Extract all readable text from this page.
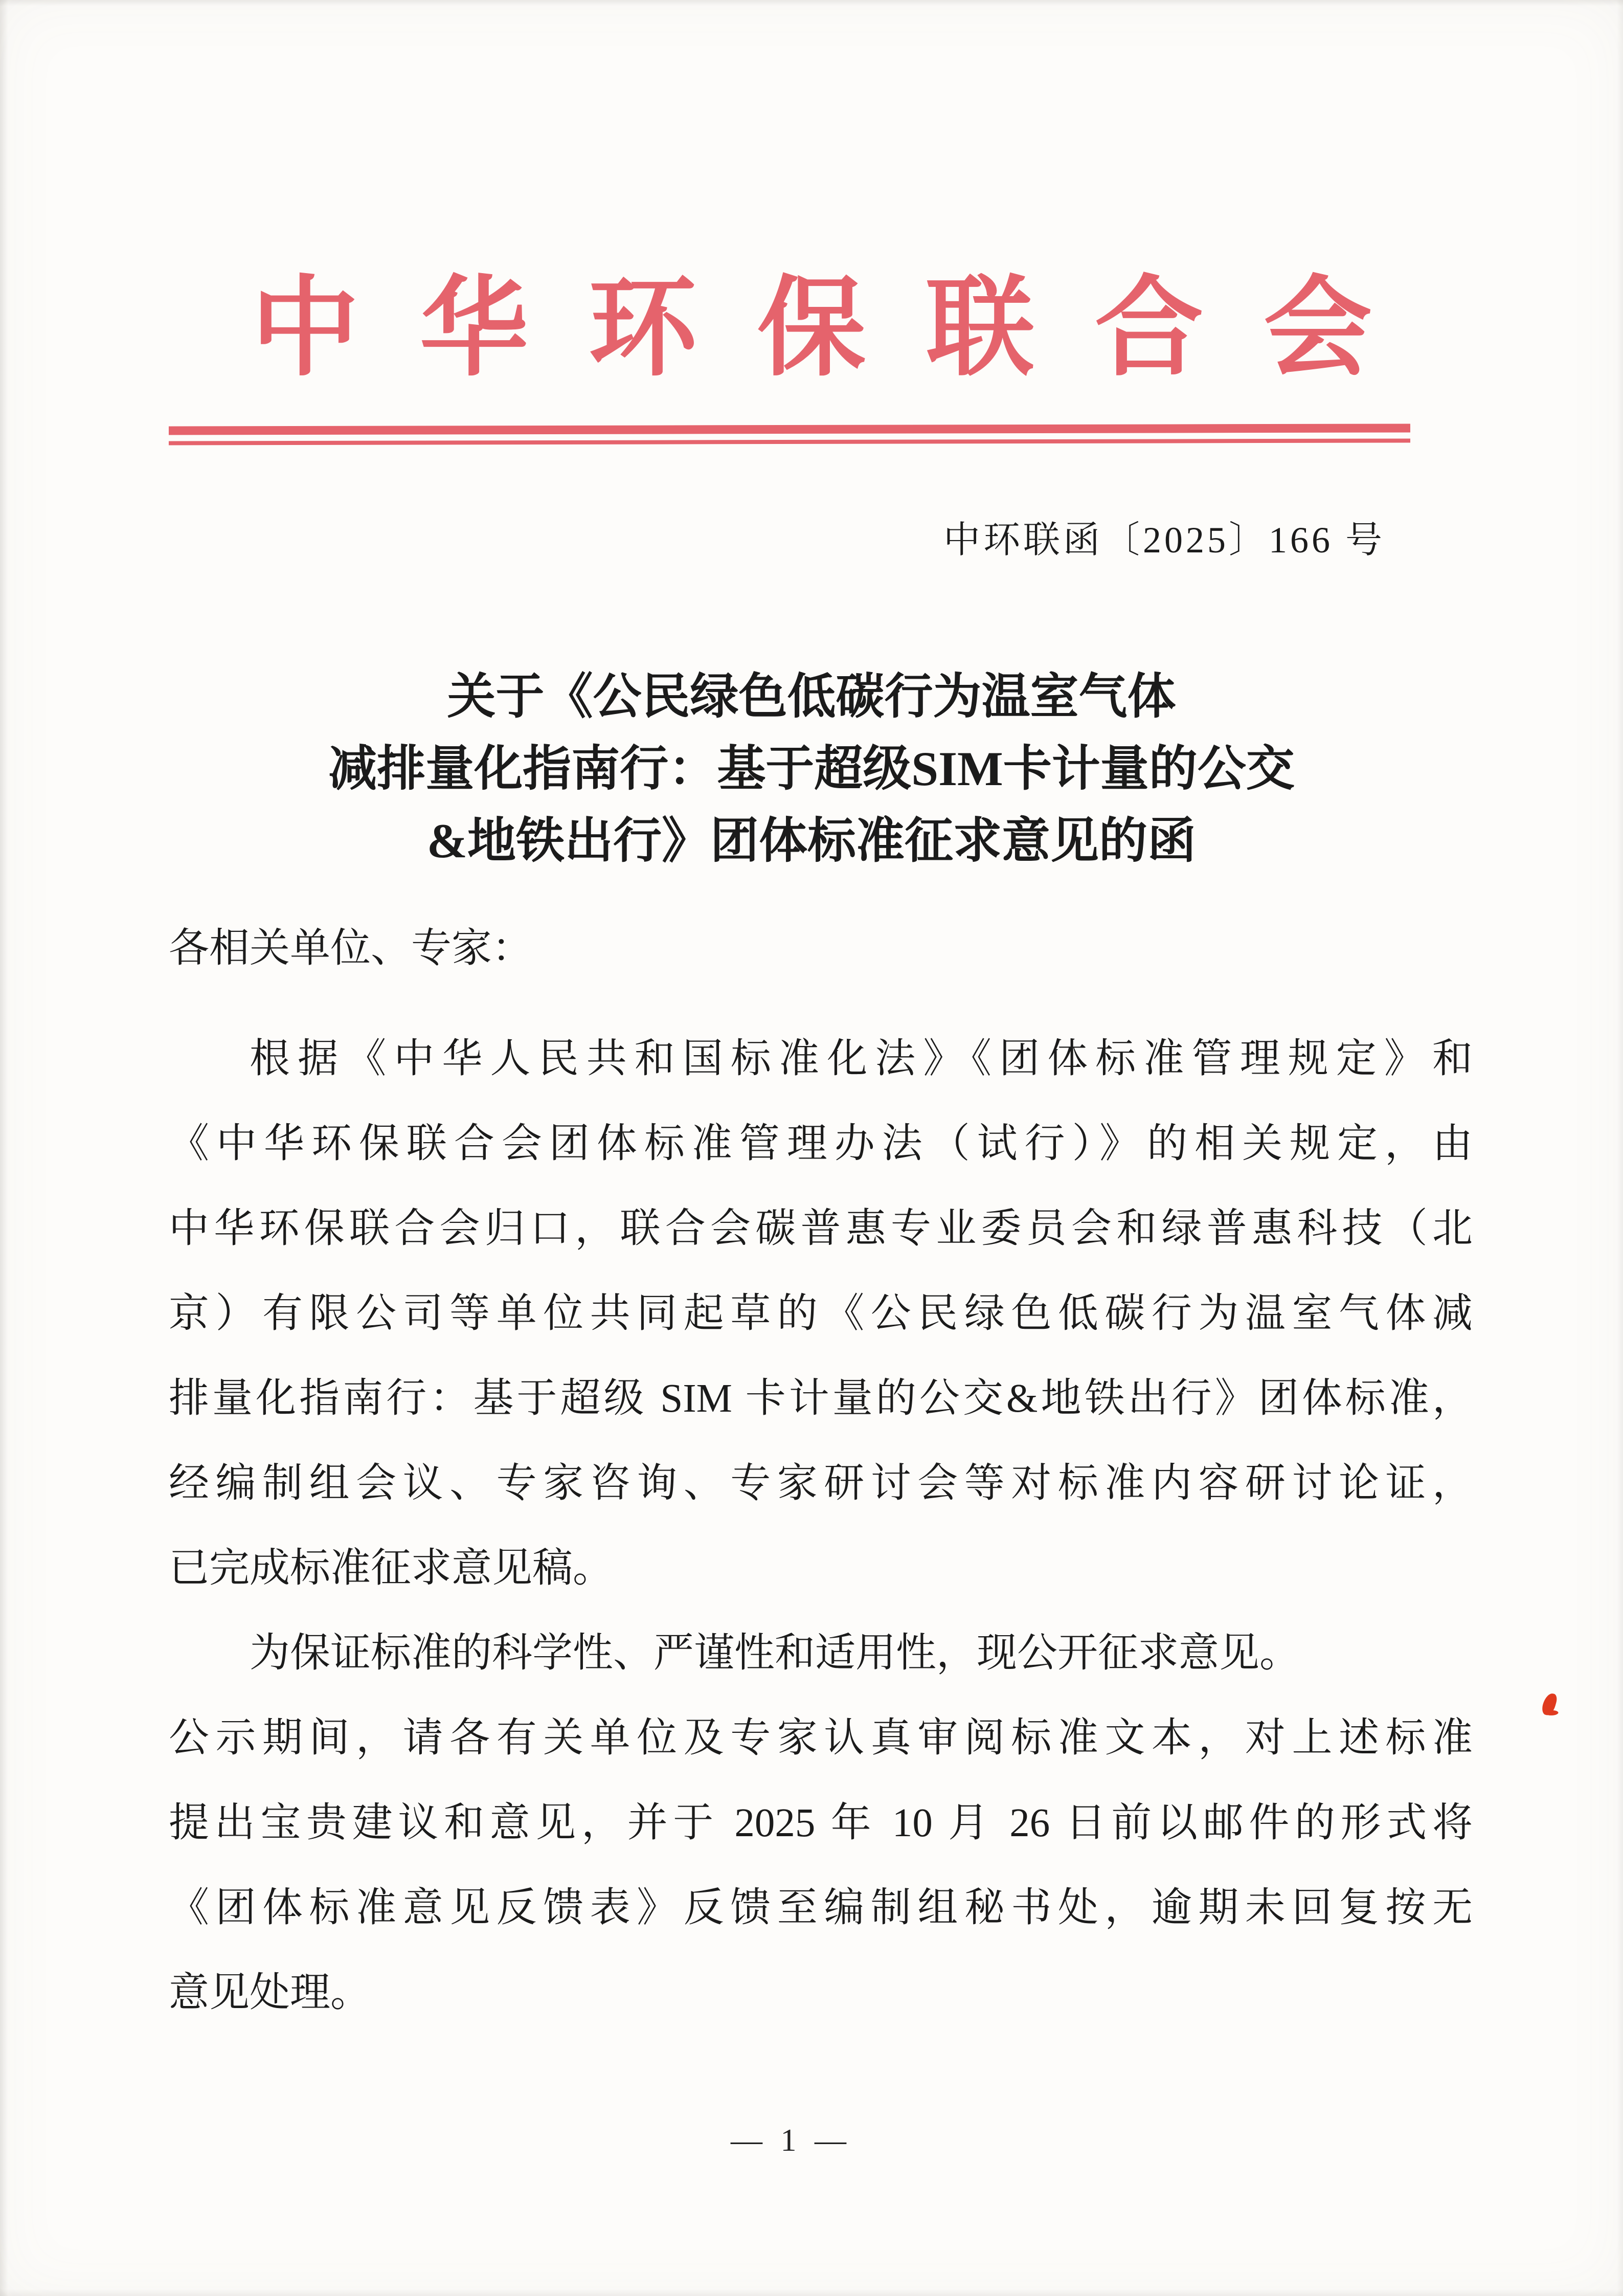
中华环保联合会
中环联函〔2025〕166 号
关于《公民绿色低碳行为温室气体
减排量化指南行：基于超级SIM卡计量的公交
&地铁出行》团体标准征求意见的函
各相关单位、专家：
根据《中华人民共和国标准化法》《团体标准管理规定》和
《中华环保联合会团体标准管理办法（试行）》的相关规定，由
中华环保联合会归口，联合会碳普惠专业委员会和绿普惠科技（北
京）有限公司等单位共同起草的《公民绿色低碳行为温室气体减
排量化指南行：基于超级 SIM 卡计量的公交&地铁出行》团体标准，
经编制组会议、专家咨询、专家研讨会等对标准内容研讨论证，
已完成标准征求意见稿。
为保证标准的科学性、严谨性和适用性，现公开征求意见。
公示期间，请各有关单位及专家认真审阅标准文本，对上述标准
提出宝贵建议和意见，并于 2025 年 10 月 26 日前以邮件的形式将
《团体标准意见反馈表》反馈至编制组秘书处，逾期未回复按无
意见处理。
— 1 —
